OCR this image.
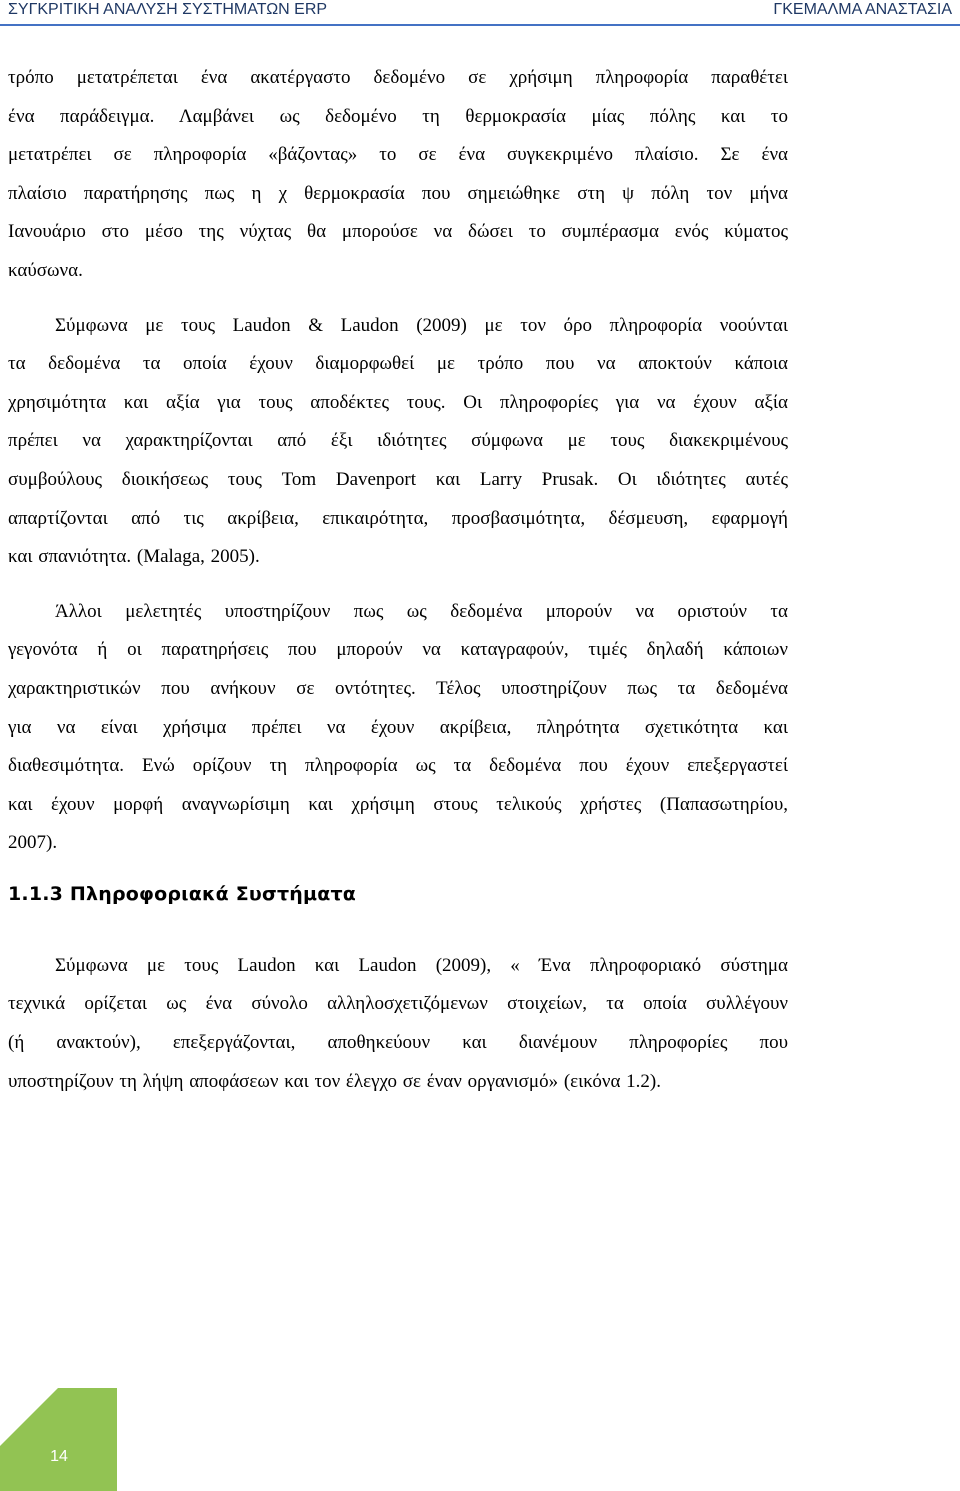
ΣΥΓΚΡΙΤΙΚΗ ΑΝΑΛΥΣΗ ΣΥΣΤΗΜΑΤΩΝ ERP	ΓΚΕΜΑΛΜΑ ΑΝΑΣΤΑΣΙΑ

τρόπο μετατρέπεται ένα ακατέργαστο δεδομένο σε χρήσιμη πληροφορία παραθέτει
ένα παράδειγμα. Λαμβάνει ως δεδομένο τη θερμοκρασία μίας πόλης και το
μετατρέπει σε πληροφορία «βάζοντας» το σε ένα συγκεκριμένο πλαίσιο. Σε ένα
πλαίσιο παρατήρησης πως η χ θερμοκρασία που σημειώθηκε στη ψ πόλη τον μήνα
Ιανουάριο στο μέσο της νύχτας θα μπορούσε να δώσει το συμπέρασμα ενός κύματος
καύσωνα.

Σύμφωνα με τους Laudon & Laudon (2009) με τον όρο πληροφορία νοούνται
τα δεδομένα τα οποία έχουν διαμορφωθεί με τρόπο που να αποκτούν κάποια
χρησιμότητα και αξία για τους αποδέκτες τους. Οι πληροφορίες για να έχουν αξία
πρέπει να χαρακτηρίζονται από έξι ιδιότητες σύμφωνα με τους διακεκριμένους
συμβούλους διοικήσεως τους Tom Davenport και Larry Prusak. Οι ιδιότητες αυτές
απαρτίζονται από τις ακρίβεια, επικαιρότητα, προσβασιμότητα, δέσμευση, εφαρμογή
και σπανιότητα. (Malaga, 2005).

Άλλοι μελετητές υποστηρίζουν πως ως δεδομένα μπορούν να οριστούν τα
γεγονότα ή οι παρατηρήσεις που μπορούν να καταγραφούν, τιμές δηλαδή κάποιων
χαρακτηριστικών που ανήκουν σε οντότητες. Τέλος υποστηρίζουν πως τα δεδομένα
για να είναι χρήσιμα πρέπει να έχουν ακρίβεια, πληρότητα σχετικότητα και
διαθεσιμότητα. Ενώ ορίζουν τη πληροφορία ως τα δεδομένα που έχουν επεξεργαστεί
και έχουν μορφή αναγνωρίσιμη και χρήσιμη στους τελικούς χρήστες (Παπασωτηρίου,
2007).

1.1.3 Πληροφοριακά Συστήματα

Σύμφωνα με τους Laudon και Laudon (2009), « Ένα πληροφοριακό σύστημα
τεχνικά ορίζεται ως ένα σύνολο αλληλοσχετιζόμενων στοιχείων, τα οποία συλλέγουν
(ή ανακτούν), επεξεργάζονται, αποθηκεύουν και διανέμουν πληροφορίες που
υποστηρίζουν τη λήψη αποφάσεων και τον έλεγχο σε έναν οργανισμό» (εικόνα 1.2).

14
